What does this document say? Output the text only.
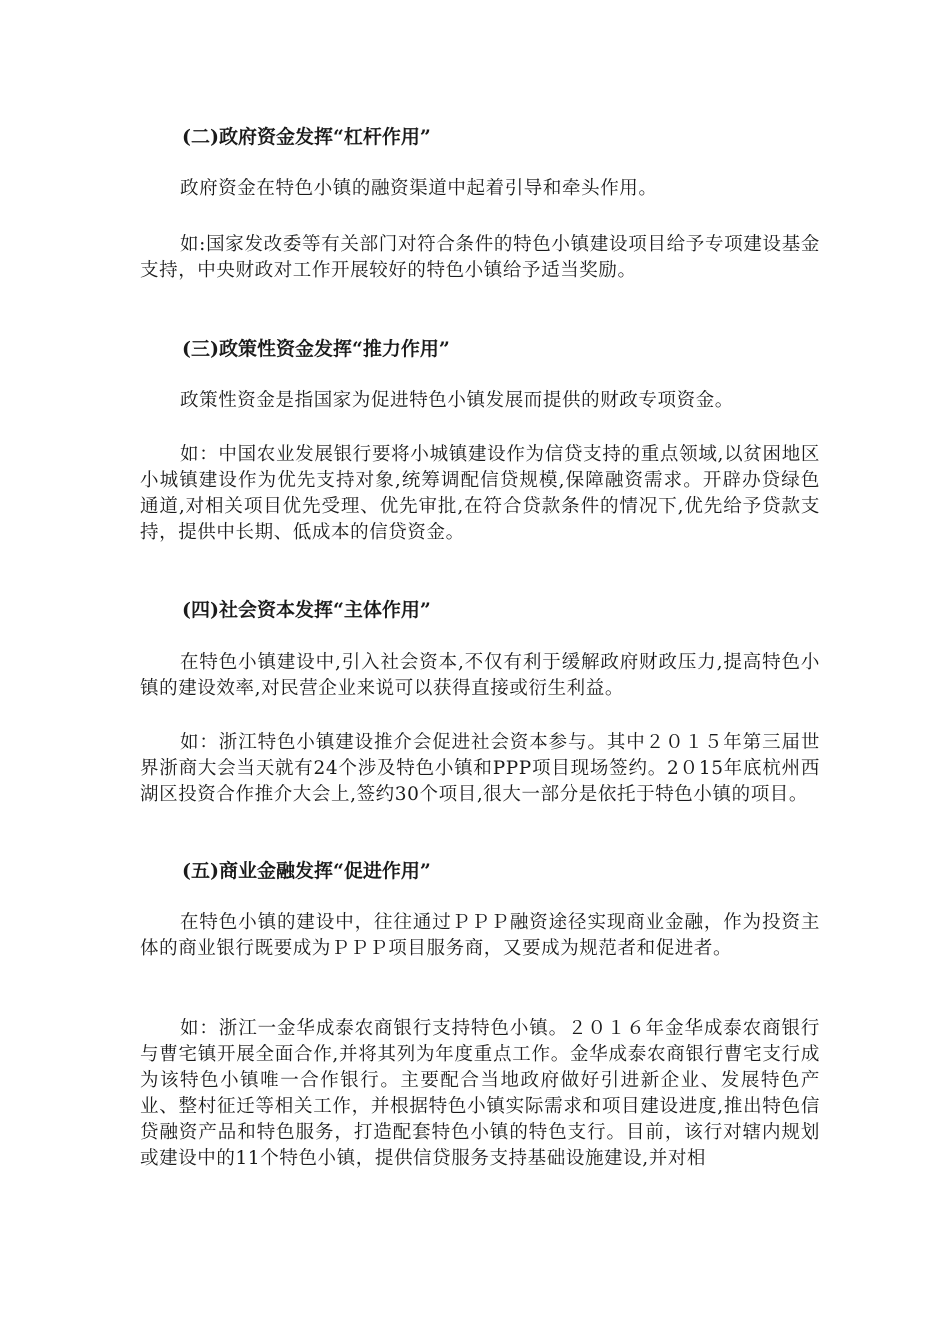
(二)政府资金发挥“杠杆作用”

政府资金在特色小镇的融资渠道中起着引导和牵头作用。

如:国家发改委等有关部门对符合条件的特色小镇建设项目给予专项建设基金支持，中央财政对工作开展较好的特色小镇给予适当奖励。

(三)政策性资金发挥“推力作用”

政策性资金是指国家为促进特色小镇发展而提供的财政专项资金。

如：中国农业发展银行要将小城镇建设作为信贷支持的重点领域,以贫困地区小城镇建设作为优先支持对象,统筹调配信贷规模,保障融资需求。开辟办贷绿色通道,对相关项目优先受理、优先审批,在符合贷款条件的情况下,优先给予贷款支持，提供中长期、低成本的信贷资金。

(四)社会资本发挥“主体作用”

在特色小镇建设中,引入社会资本,不仅有利于缓解政府财政压力,提高特色小镇的建设效率,对民营企业来说可以获得直接或衍生利益。

如：浙江特色小镇建设推介会促进社会资本参与。其中２０１５年第三届世界浙商大会当天就有24个涉及特色小镇和PPP项目现场签约。2０15年底杭州西湖区投资合作推介大会上,签约30个项目,很大一部分是依托于特色小镇的项目。

(五)商业金融发挥“促进作用”

在特色小镇的建设中，往往通过ＰＰＰ融资途径实现商业金融，作为投资主体的商业银行既要成为ＰＰＰ项目服务商，又要成为规范者和促进者。

如：浙江一金华成泰农商银行支持特色小镇。２０１６年金华成泰农商银行与曹宅镇开展全面合作,并将其列为年度重点工作。金华成泰农商银行曹宅支行成为该特色小镇唯一合作银行。主要配合当地政府做好引进新企业、发展特色产业、整村征迁等相关工作，并根据特色小镇实际需求和项目建设进度,推出特色信贷融资产品和特色服务，打造配套特色小镇的特色支行。目前，该行对辖内规划或建设中的11个特色小镇，提供信贷服务支持基础设施建设,并对相
